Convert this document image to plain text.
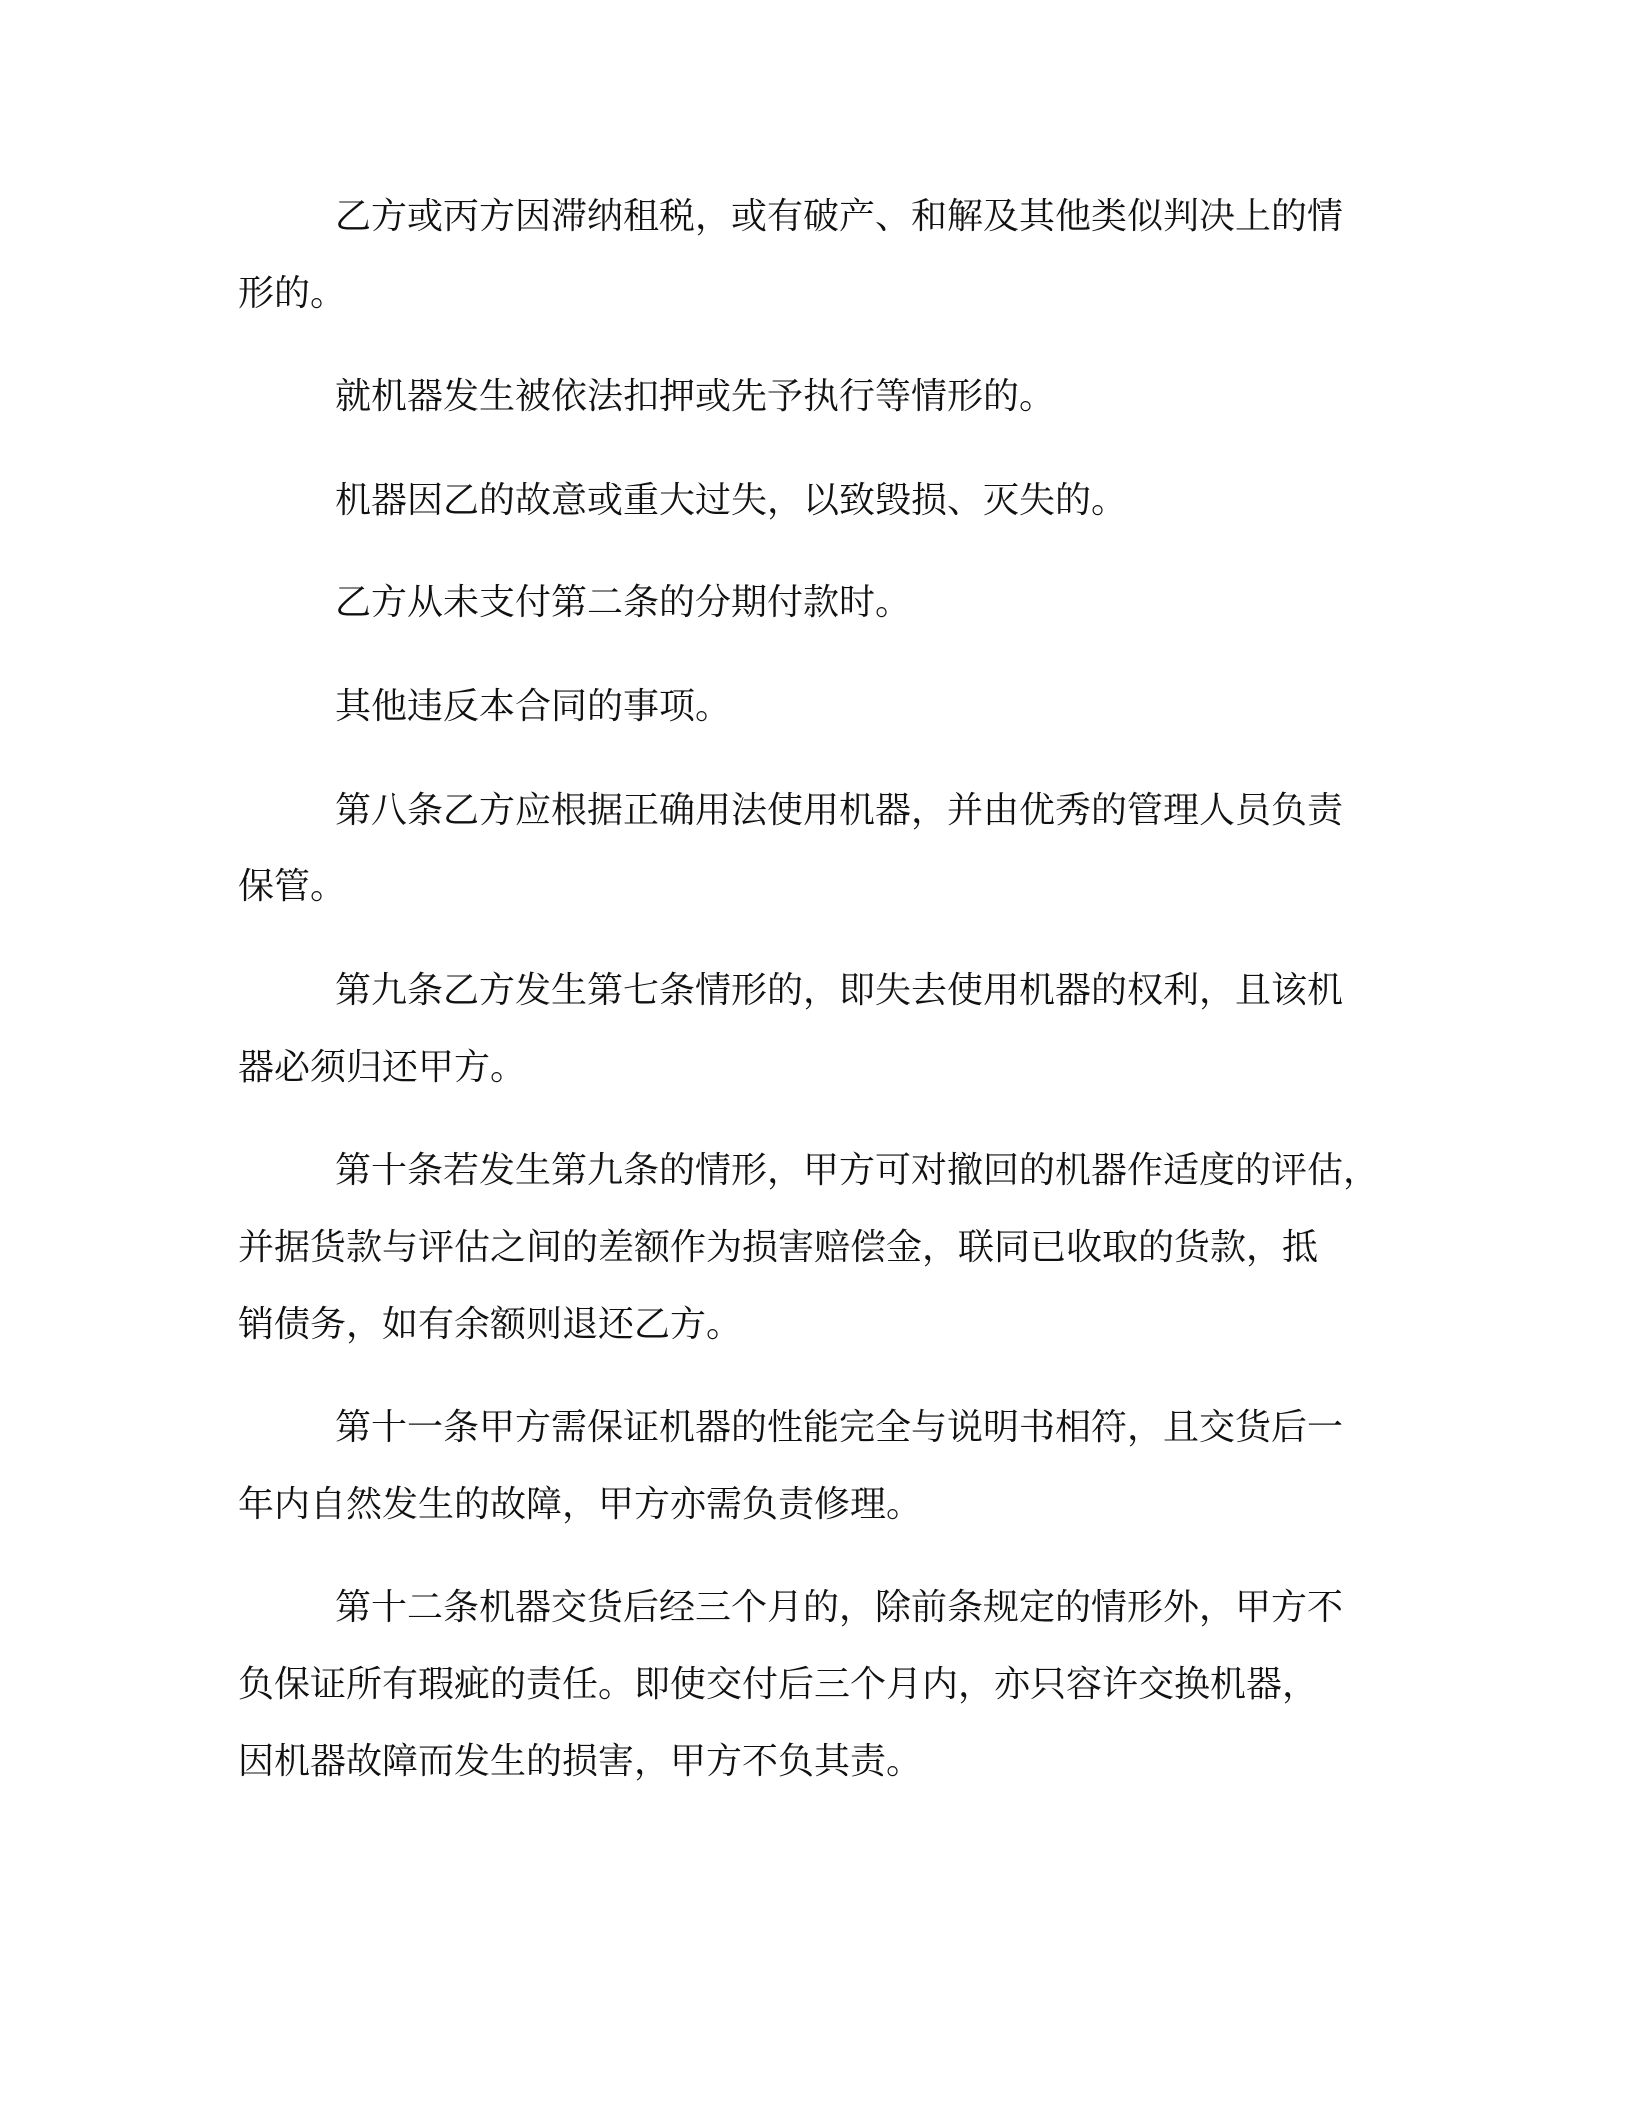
乙方或丙方因滞纳租税，或有破产、和解及其他类似判决上的情

形的。

就机器发生被依法扣押或先予执行等情形的。

机器因乙的故意或重大过失，以致毁损、灭失的。

乙方从未支付第二条的分期付款时。

其他违反本合同的事项。

第八条乙方应根据正确用法使用机器，并由优秀的管理人员负责

保管。

第九条乙方发生第七条情形的，即失去使用机器的权利，且该机

器必须归还甲方。

第十条若发生第九条的情形，甲方可对撤回的机器作适度的评估，

并据货款与评估之间的差额作为损害赔偿金，联同已收取的货款，抵

销债务，如有余额则退还乙方。

第十一条甲方需保证机器的性能完全与说明书相符，且交货后一

年内自然发生的故障，甲方亦需负责修理。

第十二条机器交货后经三个月的，除前条规定的情形外，甲方不

负保证所有瑕疵的责任。即使交付后三个月内，亦只容许交换机器，

因机器故障而发生的损害，甲方不负其责。
